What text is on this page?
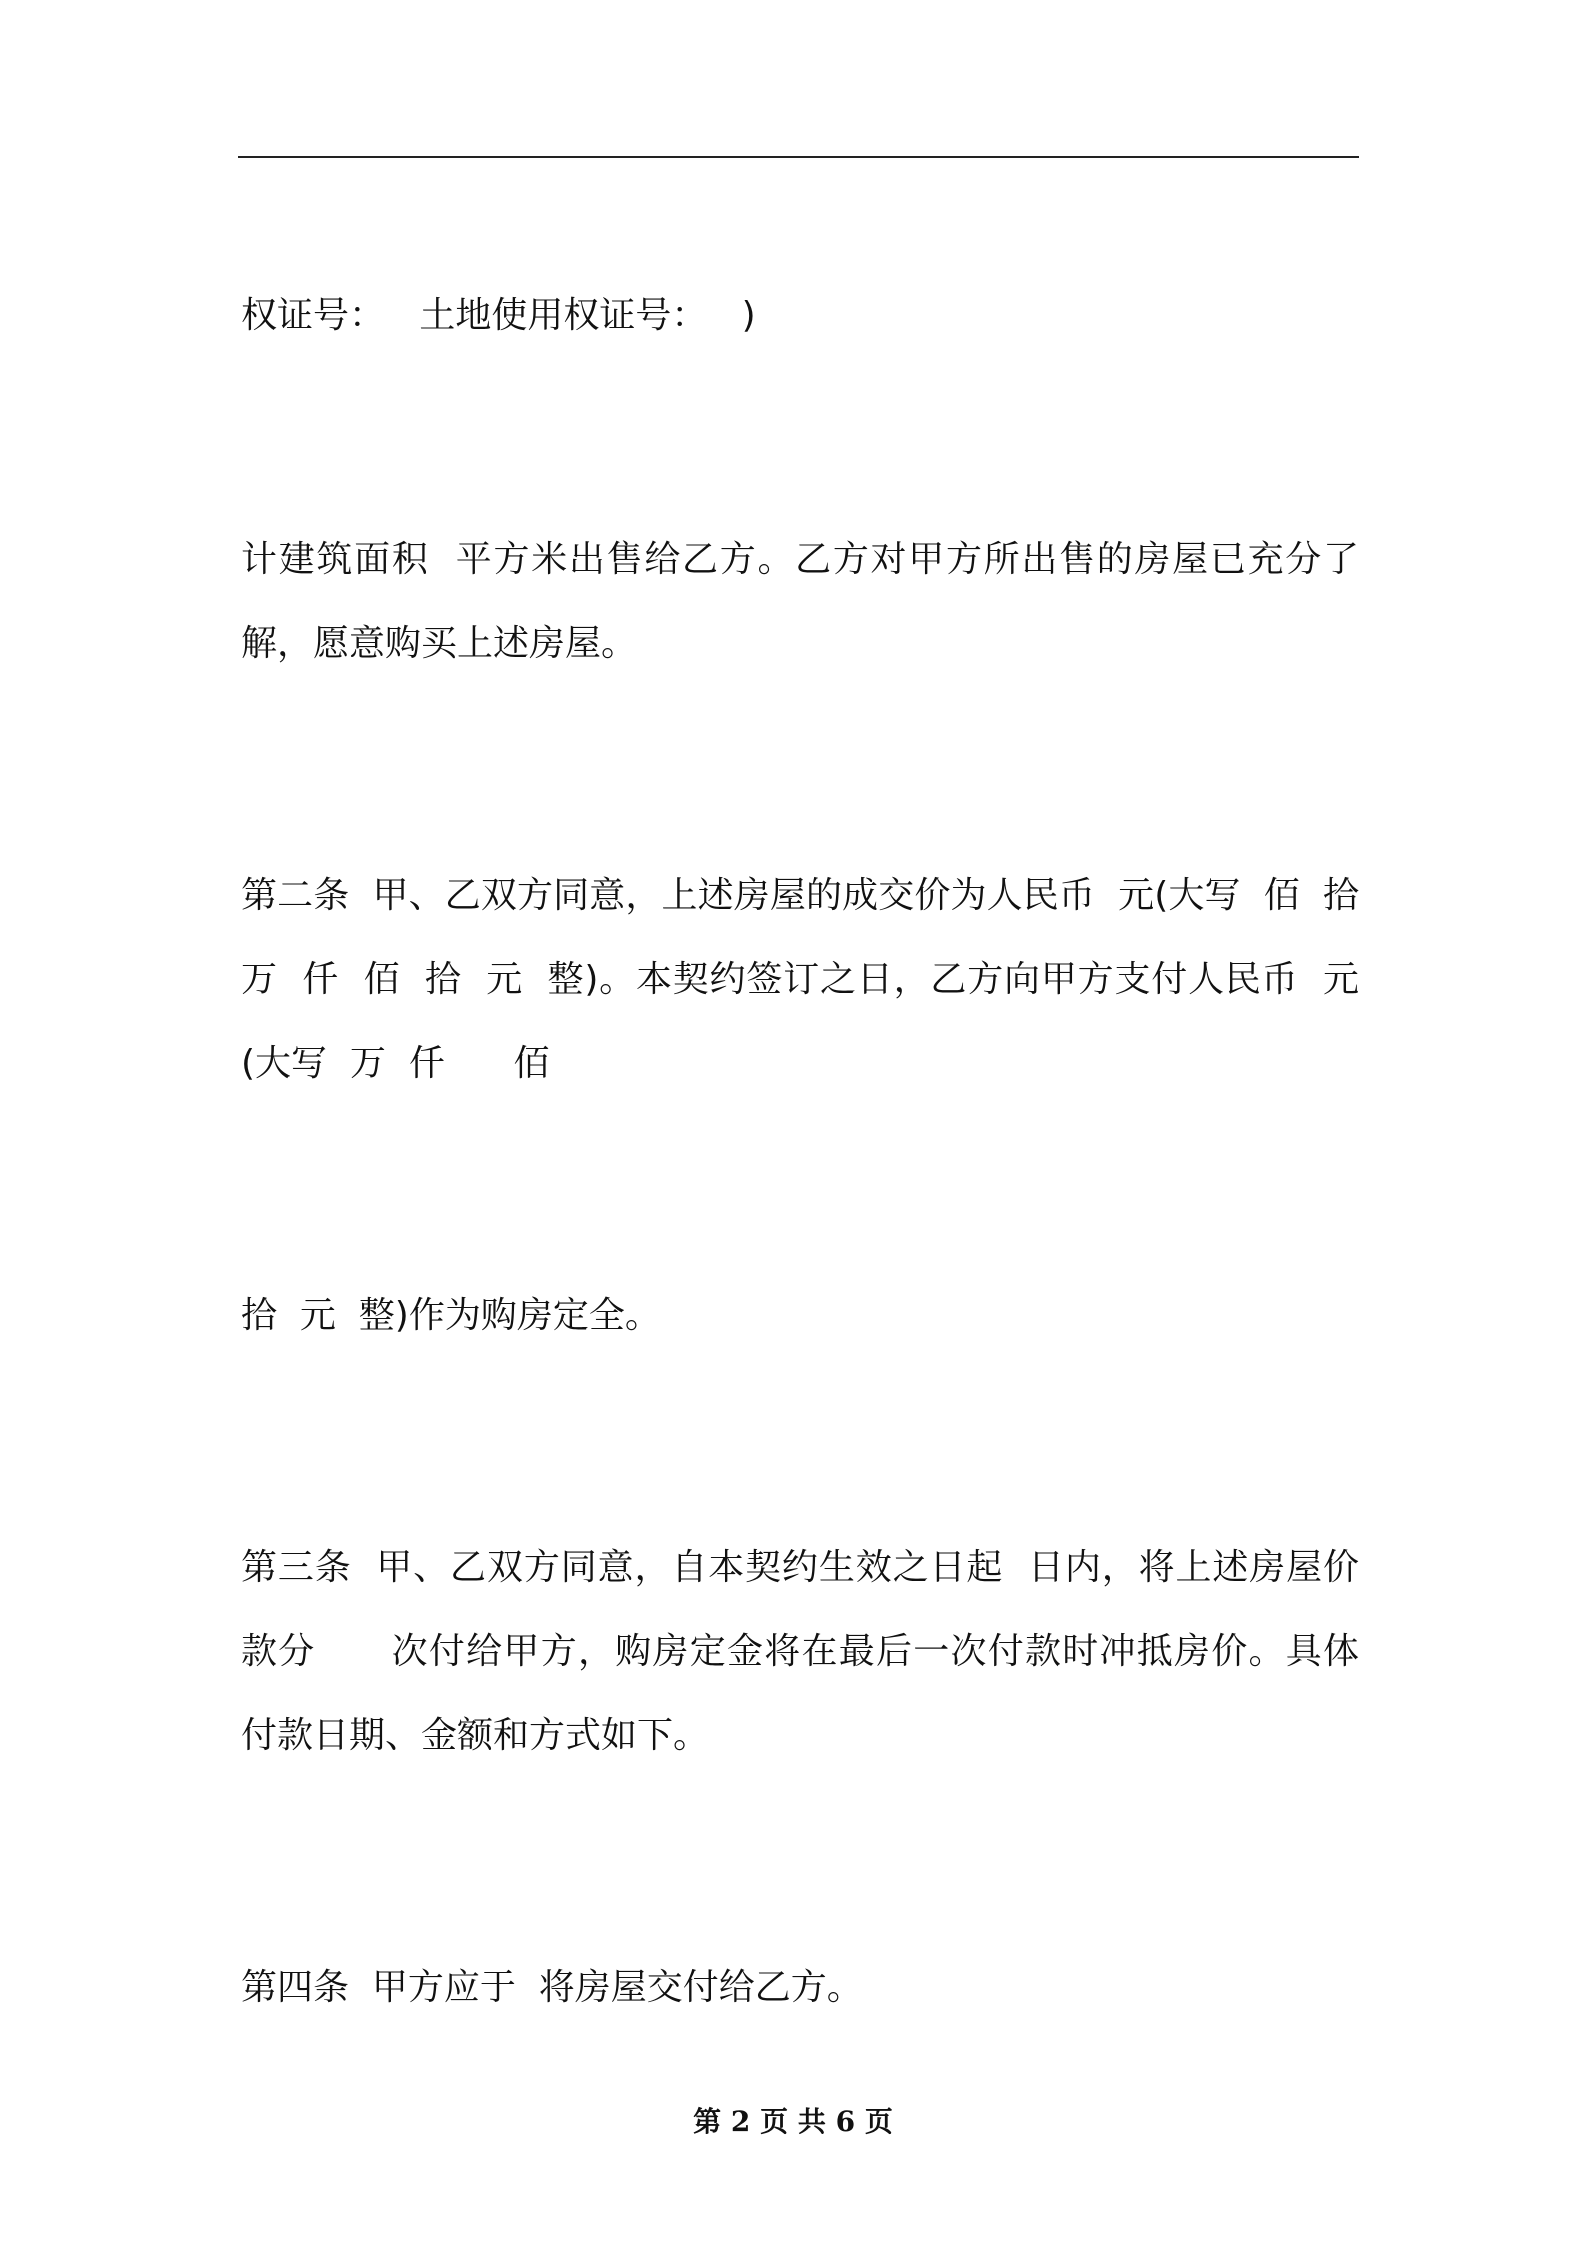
权证号：   土地使用权证号：   )
计建筑面积  平方米出售给乙方。乙方对甲方所出售的房屋已充分了
解，愿意购买上述房屋。
第二条  甲、乙双方同意，上述房屋的成交价为人民币  元(大写  佰  拾
万  仟  佰  拾  元  整)。本契约签订之日，乙方向甲方支付人民币  元
(大写  万  仟      佰
拾  元  整)作为购房定全。
第三条  甲、乙双方同意，自本契约生效之日起  日内，将上述房屋价
款分      次付给甲方，购房定金将在最后一次付款时冲抵房价。具体
付款日期、金额和方式如下。
第四条  甲方应于  将房屋交付给乙方。
第 2 页 共 6 页
